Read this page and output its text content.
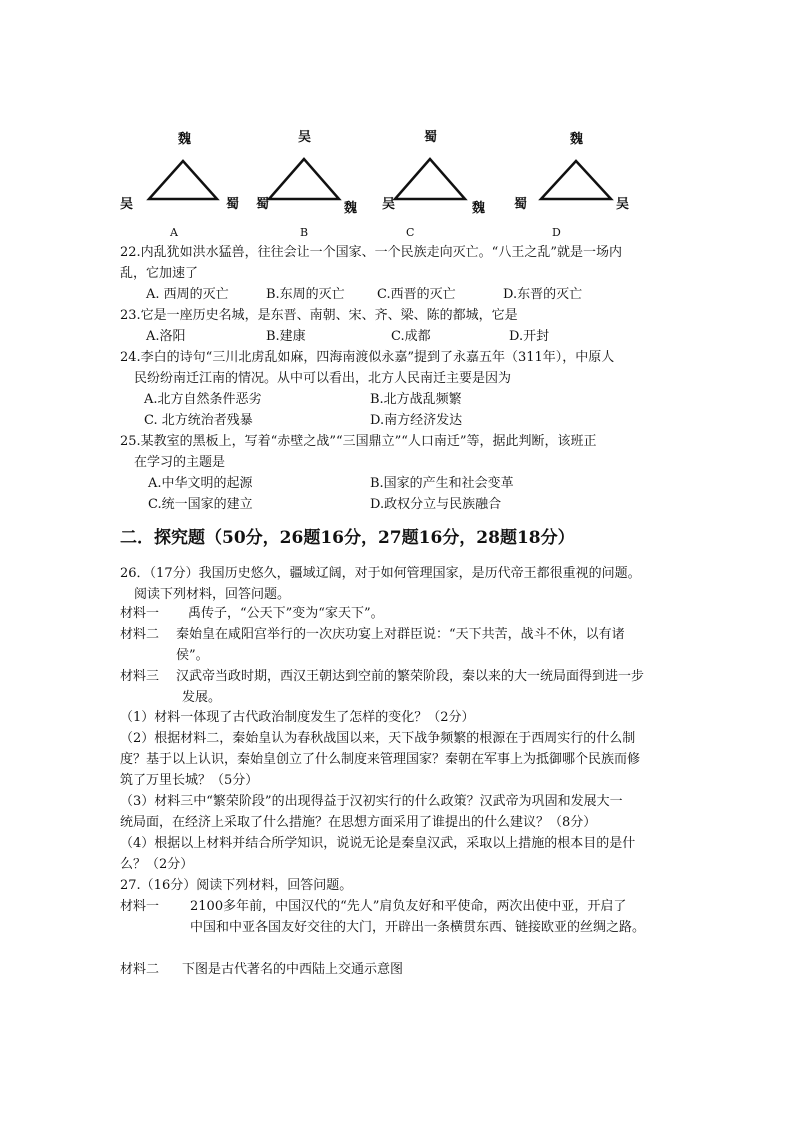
魏
吴	蜀
A
吴
蜀	魏
B
蜀
吴	魏
C
魏
蜀	吴
D
22.内乱犹如洪水猛兽，往往会让一个国家、一个民族走向灭亡。“八王之乱”就是一场内
乱，它加速了
A. 西周的灭亡	B.东周的灭亡 C.西晋的灭亡	D.东晋的灭亡
23.它是一座历史名城，是东晋、南朝、宋、齐、梁、陈的都城，它是
A.洛阳	B.建康	C.成都	D.开封
24.李白的诗句“三川北虏乱如麻，四海南渡似永嘉”提到了永嘉五年（311年），中原人
民纷纷南迁江南的情况。从中可以看出，北方人民南迁主要是因为
A.北方自然条件恶劣	B.北方战乱频繁
C. 北方统治者残暴	D.南方经济发达
25.某教室的黑板上，写着“赤壁之战”“三国鼎立”“人口南迁”等，据此判断，该班正
在学习的主题是
A.中华文明的起源	B.国家的产生和社会变革
C.统一国家的建立	D.政权分立与民族融合
二．探究题（50分，26题16分，27题16分，28题18分）
26．（17分）我国历史悠久，疆域辽阔，对于如何管理国家，是历代帝王都很重视的问题。
阅读下列材料，回答问题。
材料一 禹传子，“公天下”变为“家天下”。
材料二 秦始皇在咸阳宫举行的一次庆功宴上对群臣说：“天下共苦，战斗不休，以有诸
侯”。
材料三 汉武帝当政时期，西汉王朝达到空前的繁荣阶段，秦以来的大一统局面得到进一步
发展。
（1）材料一体现了古代政治制度发生了怎样的变化？（2分）
（2）根据材料二，秦始皇认为春秋战国以来，天下战争频繁的根源在于西周实行的什么制
度？基于以上认识，秦始皇创立了什么制度来管理国家？秦朝在军事上为抵御哪个民族而修
筑了万里长城？（5分）
（3）材料三中“繁荣阶段”的出现得益于汉初实行的什么政策？汉武帝为巩固和发展大一
统局面，在经济上采取了什么措施？在思想方面采用了谁提出的什么建议？（8分）
（4）根据以上材料并结合所学知识，说说无论是秦皇汉武，采取以上措施的根本目的是什
么？（2分）
27.（16分）阅读下列材料，回答问题。
材料一 2100多年前，中国汉代的“先人”肩负友好和平使命，两次出使中亚，开启了
中国和中亚各国友好交往的大门，开辟出一条横贯东西、链接欧亚的丝绸之路。
材料二 下图是古代著名的中西陆上交通示意图
